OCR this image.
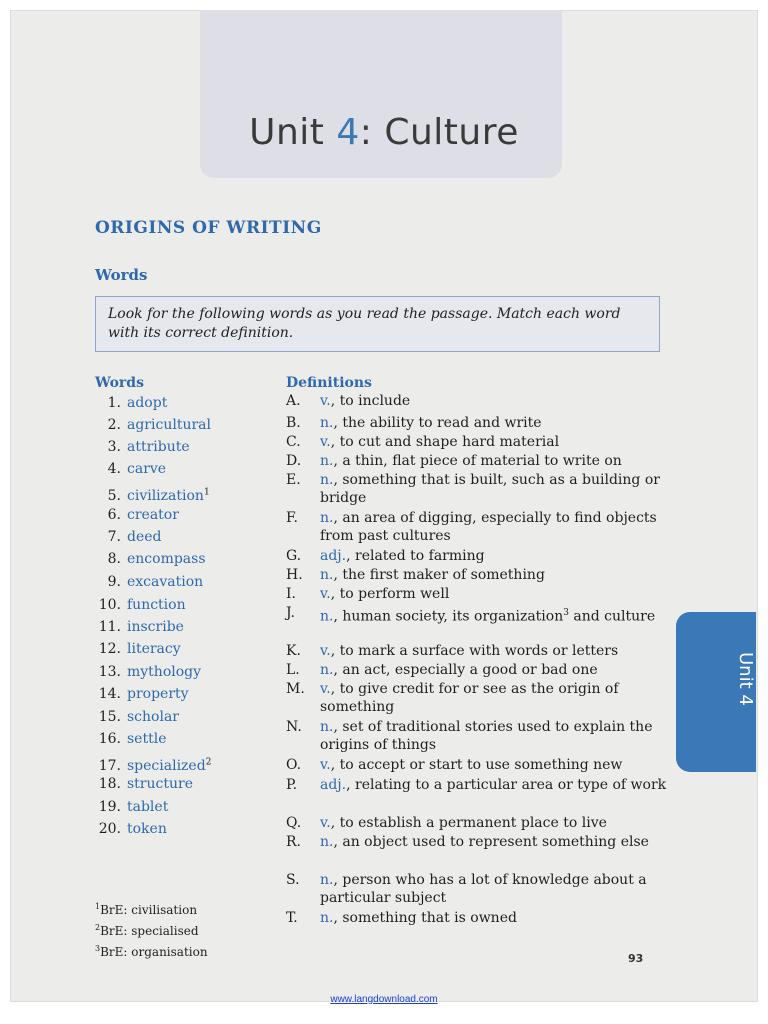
Unit 4: Culture
ORIGINS OF WRITING
Words
Look for the following words as you read the passage. Match each word with its correct definition.
Words	Definitions
1. adopt
2. agricultural
3. attribute
4. carve
5. civilization$^1$
6. creator
7. deed
8. encompass
9. excavation
10. function
11. inscribe
12. literacy
13. mythology
14. property
15. scholar
16. settle
17. specialized$^2$
18. structure
19. tablet
20. token
A.	v., to include
B.	n., the ability to read and write
C.	v., to cut and shape hard material
D.	n., a thin, flat piece of material to write on
E.	n., something that is built, such as a building or bridge
F.	n., an area of digging, especially to find objects from past cultures
G.	adj., related to farming
H.	n., the first maker of something
I.	v., to perform well
J.	n., human society, its organization$^3$ and culture
K.	v., to mark a surface with words or letters
L.	n., an act, especially a good or bad one
M.	v., to give credit for or see as the origin of something
N.	n., set of traditional stories used to explain the origins of things
O.	v., to accept or start to use something new
P.	adj., relating to a particular area or type of work
Q.	v., to establish a permanent place to live
R.	n., an object used to represent something else
S.	n., person who has a lot of knowledge about a particular subject
T.	n., something that is owned
$^1$BrE: civilisation
$^2$BrE: specialised
$^3$BrE: organisation
Unit 4
93
www.langdownload.com
